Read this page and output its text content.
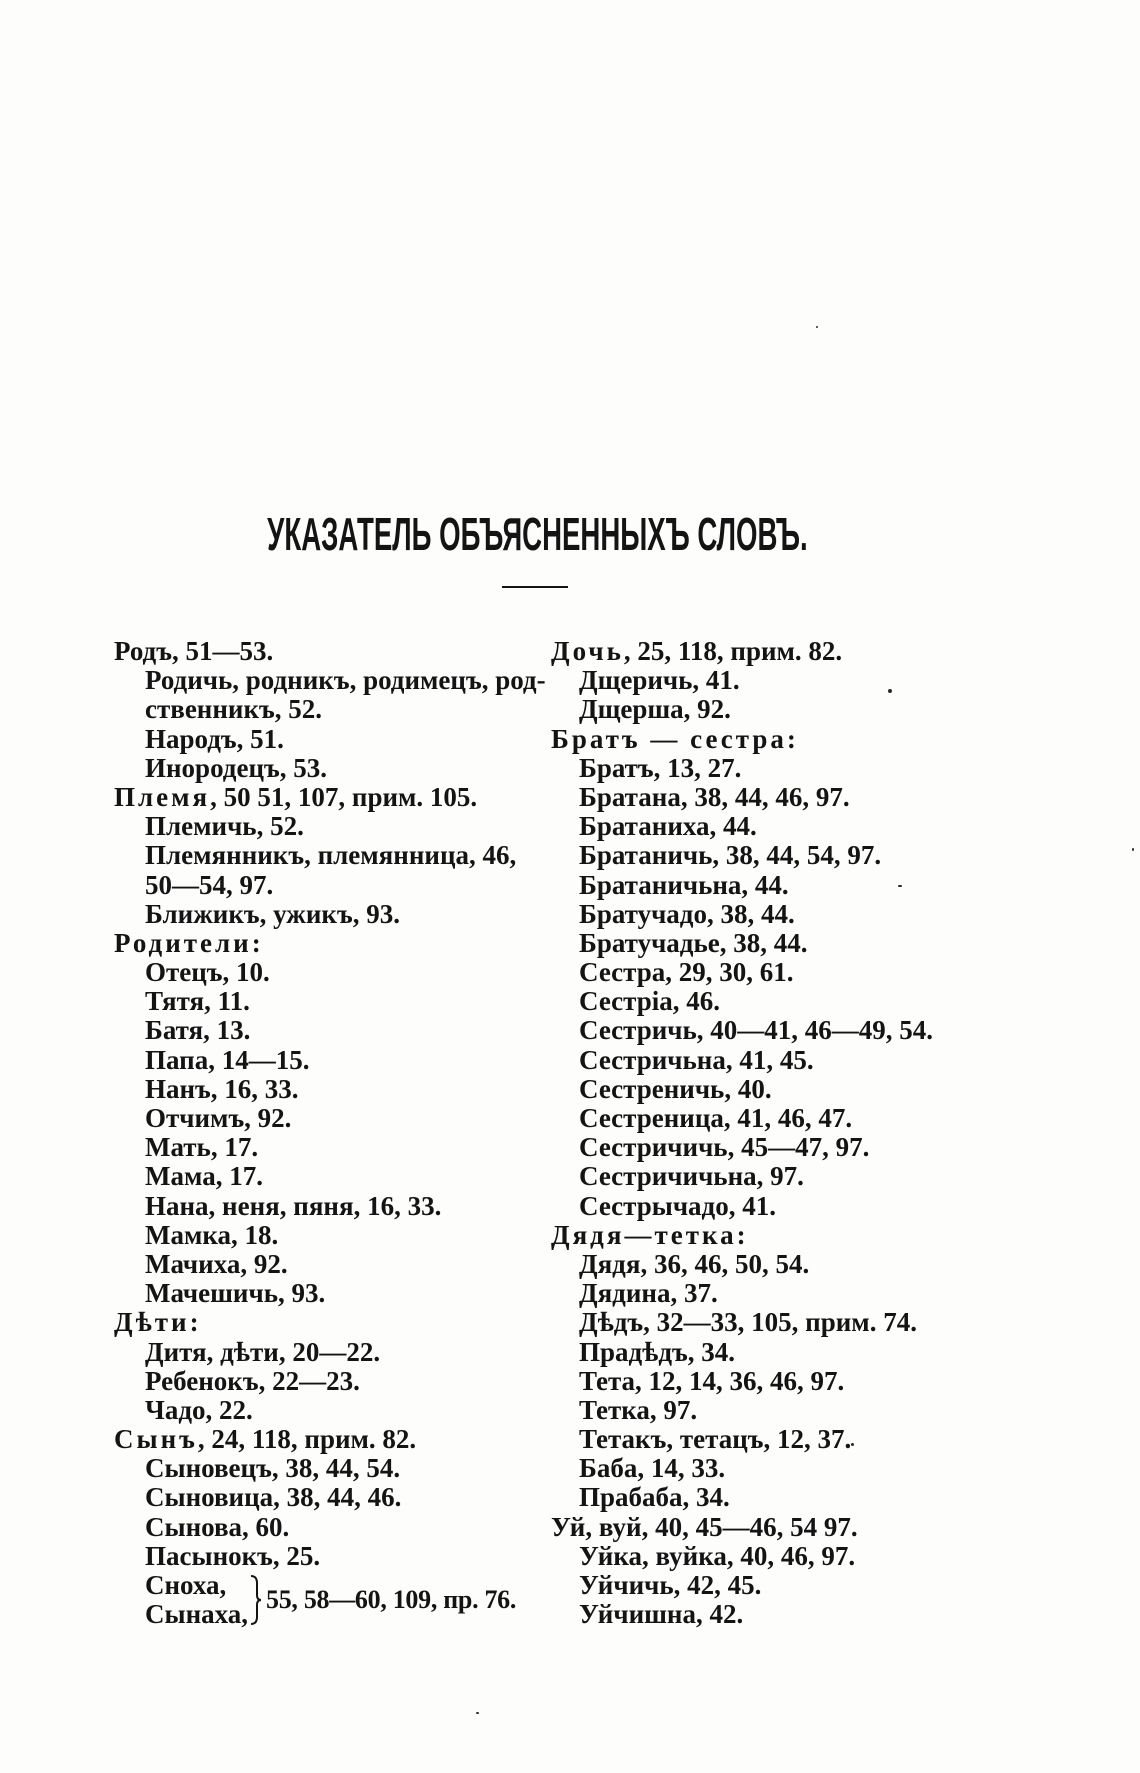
УКАЗАТЕЛЬ ОБЪЯСНЕННЫХЪ СЛОВЪ.
Родъ, 51—53.
Родичь, родникъ, родимецъ, род-
ственникъ, 52.
Народъ, 51.
Инородецъ, 53.
Племя, 50 51, 107, прим. 105.
Племичь, 52.
Племянникъ, племянница, 46,
50—54, 97.
Ближикъ, ужикъ, 93.
Родители:
Отецъ, 10.
Тятя, 11.
Батя, 13.
Папа, 14—15.
Нанъ, 16, 33.
Отчимъ, 92.
Мать, 17.
Мама, 17.
Нана, неня, пяня, 16, 33.
Мамка, 18.
Мачиха, 92.
Мачешичь, 93.
Дѣти:
Дитя, дѣти, 20—22.
Ребенокъ, 22—23.
Чадо, 22.
Сынъ, 24, 118, прим. 82.
Сыновецъ, 38, 44, 54.
Сыновица, 38, 44, 46.
Сынова, 60.
Пасынокъ, 25.
Сноха,
Сынаха, 55, 58—60, 109, пр. 76.
Дочь, 25, 118, прим. 82.
Дщеричь, 41.
Дщерша, 92.
Братъ — сестра:
Братъ, 13, 27.
Братана, 38, 44, 46, 97.
Братаниха, 44.
Братаничь, 38, 44, 54, 97.
Братаничьна, 44.
Братучадо, 38, 44.
Братучадье, 38, 44.
Сестра, 29, 30, 61.
Сестріа, 46.
Сестричь, 40—41, 46—49, 54.
Сестричьна, 41, 45.
Сестреничь, 40.
Сестреница, 41, 46, 47.
Сестричичь, 45—47, 97.
Сестричичьна, 97.
Сестрычадо, 41.
Дядя—тетка:
Дядя, 36, 46, 50, 54.
Дядина, 37.
Дѣдъ, 32—33, 105, прим. 74.
Прадѣдъ, 34.
Тета, 12, 14, 36, 46, 97.
Тетка, 97.
Тетакъ, тетацъ, 12, 37.
Баба, 14, 33.
Прабаба, 34.
Уй, вуй, 40, 45—46, 54 97.
Уйка, вуйка, 40, 46, 97.
Уйчичь, 42, 45.
Уйчишна, 42.
